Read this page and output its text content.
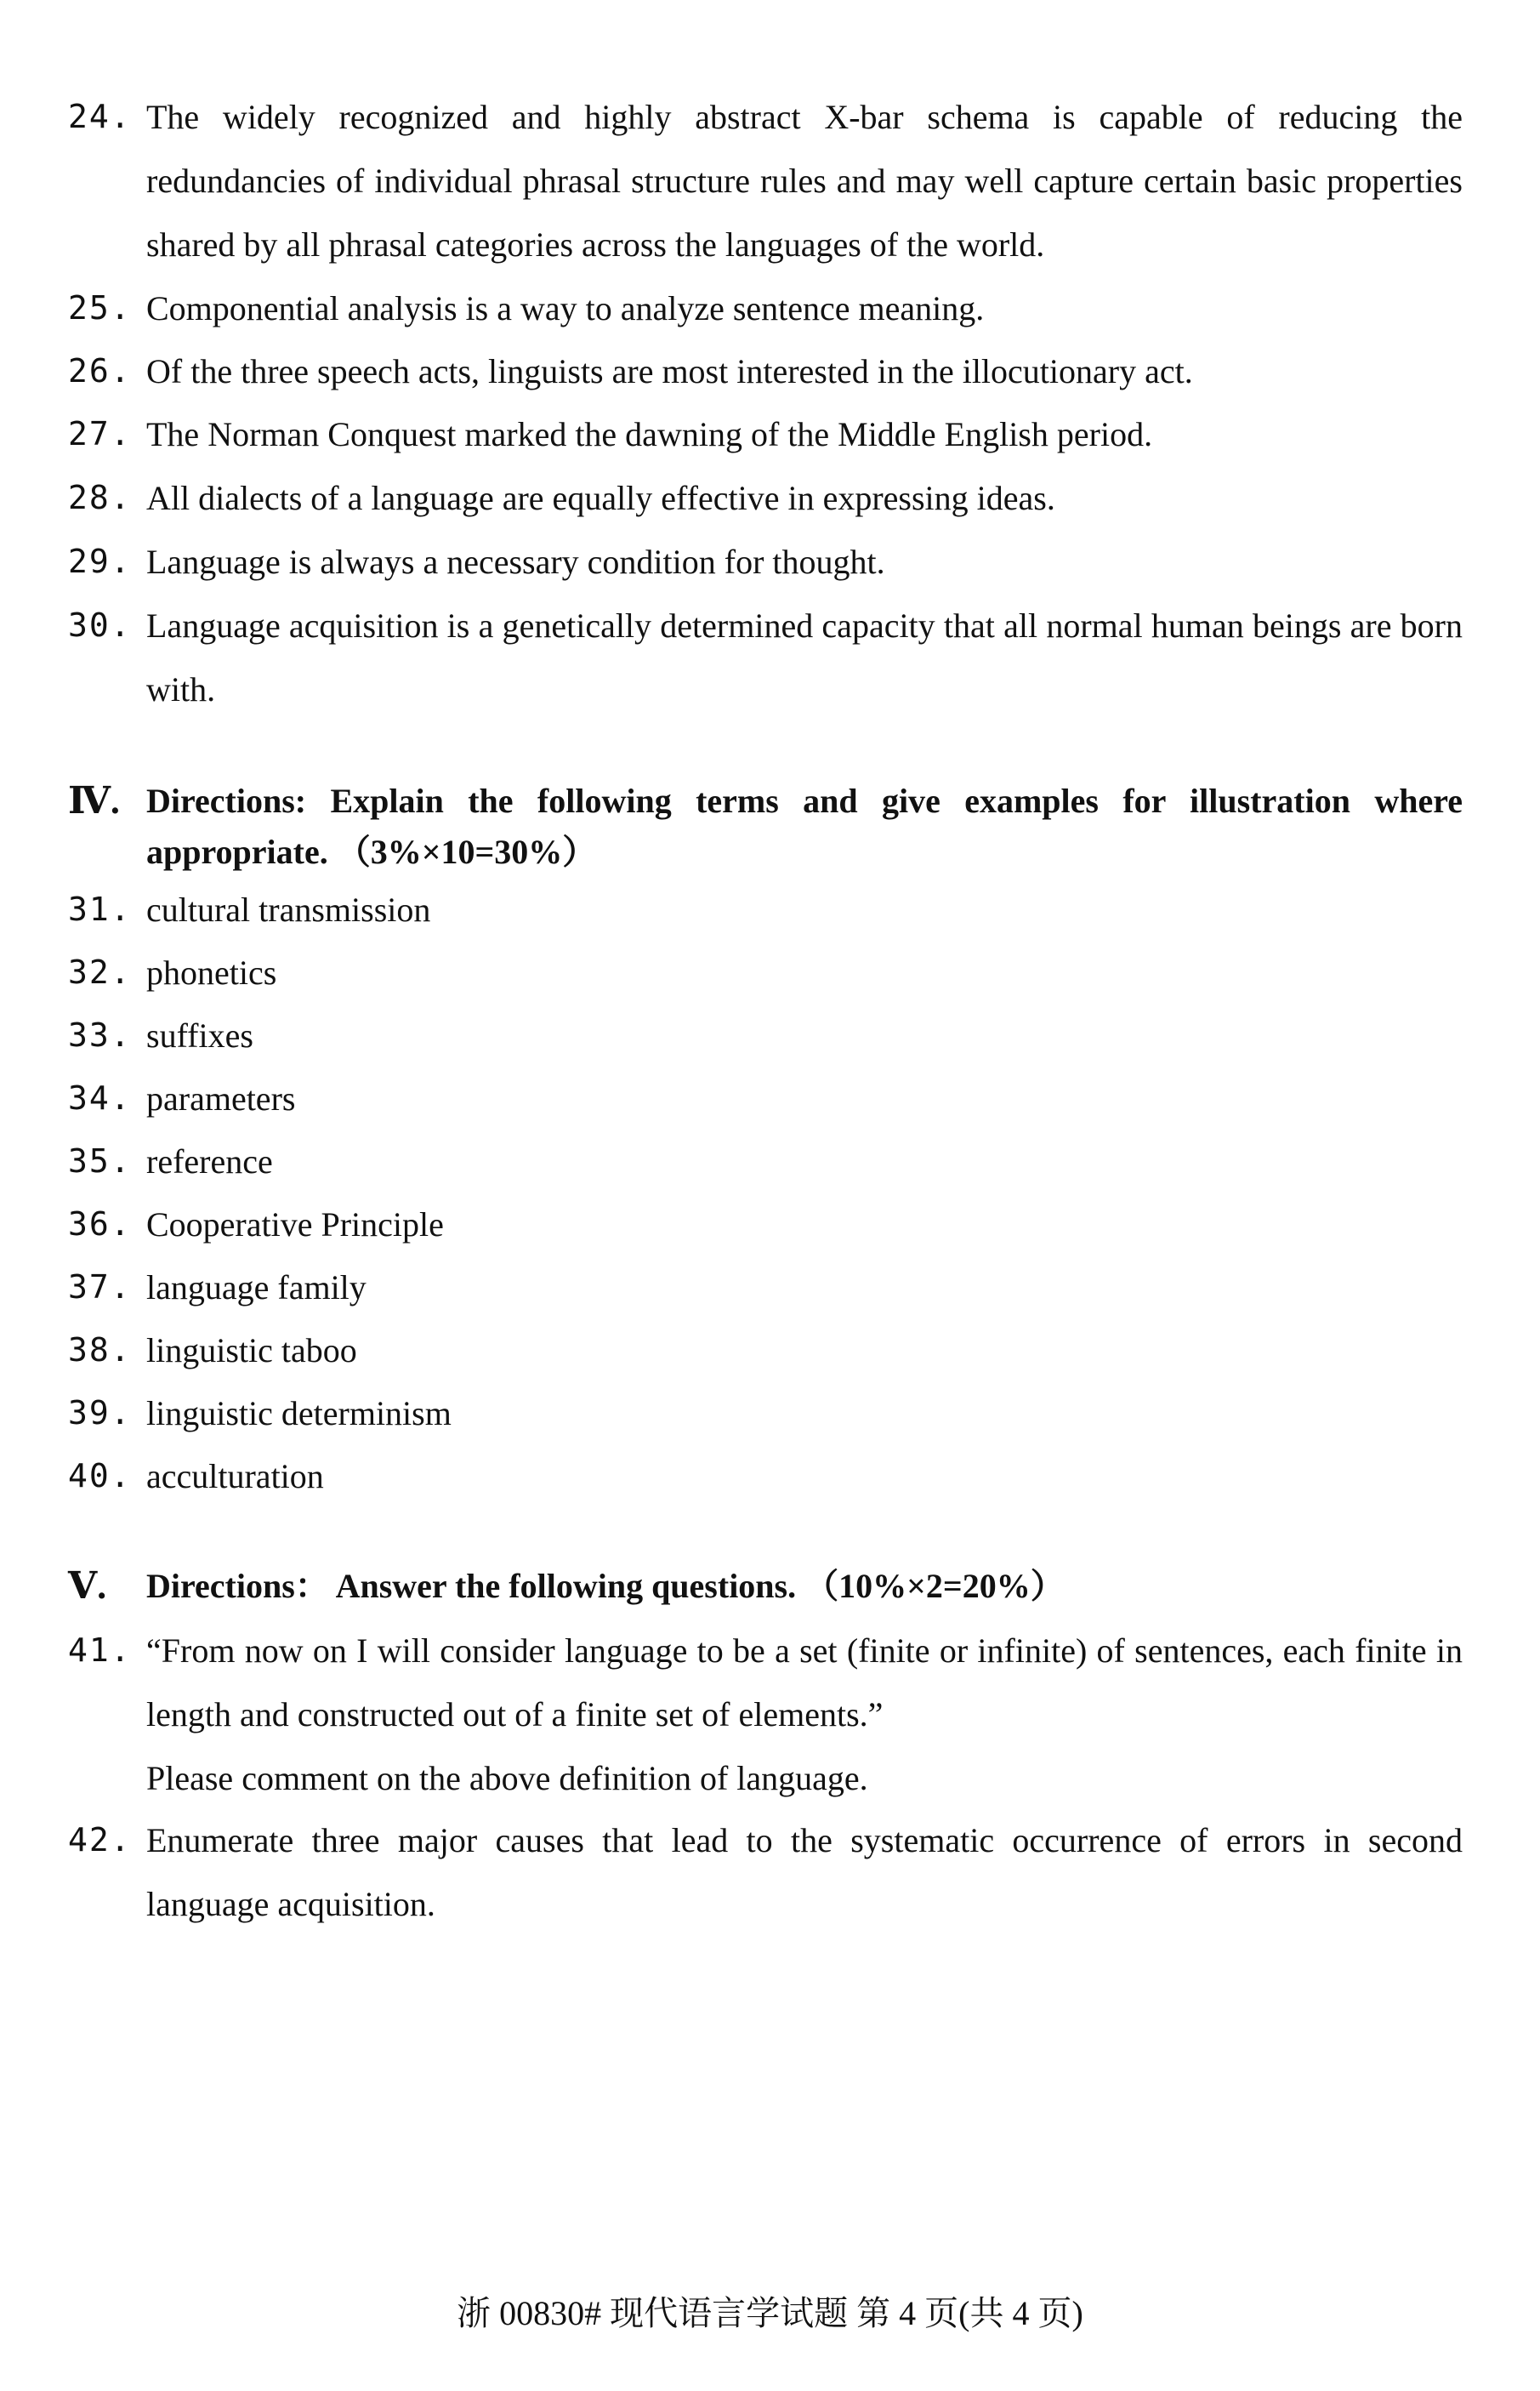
24. The widely recognized and highly abstract X-bar schema is capable of reducing the redundancies of individual phrasal structure rules and may well capture certain basic properties shared by all phrasal categories across the languages of the world.
25. Componential analysis is a way to analyze sentence meaning.
26. Of the three speech acts, linguists are most interested in the illocutionary act.
27. The Norman Conquest marked the dawning of the Middle English period.
28. All dialects of a language are equally effective in expressing ideas.
29. Language is always a necessary condition for thought.
30. Language acquisition is a genetically determined capacity that all normal human beings are born with.
Ⅳ. Directions: Explain the following terms and give examples for illustration where appropriate. （3%×10=30%）
31. cultural transmission
32. phonetics
33. suffixes
34. parameters
35. reference
36. Cooperative Principle
37. language family
38. linguistic taboo
39. linguistic determinism
40. acculturation
Ⅴ.	Directions： Answer the following questions. （10%×2=20%）
41. “From now on I will consider language to be a set (finite or infinite) of sentences, each finite in length and constructed out of a finite set of elements.”
Please comment on the above definition of language.
42. Enumerate three major causes that lead to the systematic occurrence of errors in second language acquisition.
浙 00830# 现代语言学试题 第 4 页(共 4 页)
